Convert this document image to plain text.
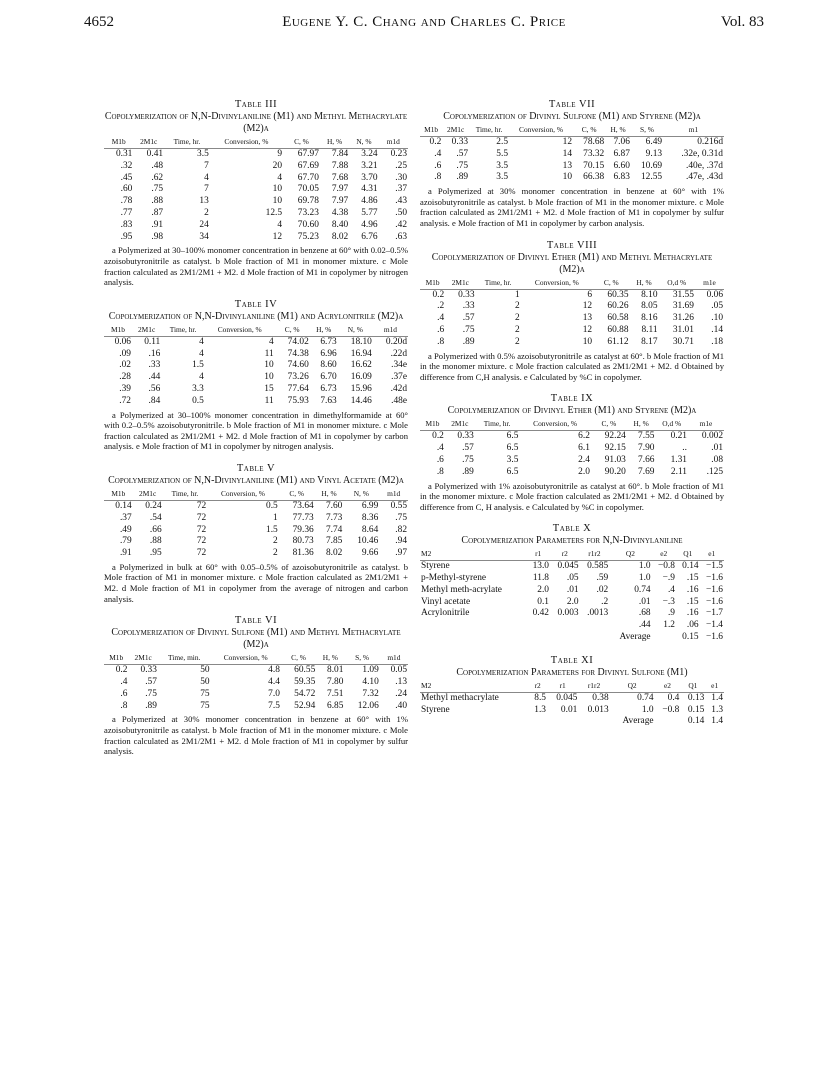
4652	Eugene Y. C. Chang and Charles C. Price	Vol. 83
Table III
Copolymerization of N,N-Divinylaniline (M1) and Methyl Methacrylate (M2)a
M1b	2M1c	Time, hr.	Conversion, %	C, %	H, %	N, %	m1d
0.31	0.41	3.5	9	67.97	7.84	3.24	0.23
.32	.48	7	20	67.69	7.88	3.21	.25
.45	.62	4	4	67.70	7.68	3.70	.30
.60	.75	7	10	70.05	7.97	4.31	.37
.78	.88	13	10	69.78	7.97	4.86	.43
.77	.87	2	12.5	73.23	4.38	5.77	.50
.83	.91	24	4	70.60	8.40	4.96	.42
.95	.98	34	12	75.23	8.02	6.76	.63

a Polymerized at 30–100% monomer concentration in benzene at 60° with 0.02–0.5% azoisobutyronitrile as catalyst. b Mole fraction of M1 in monomer mixture. c Mole fraction calculated as 2M1/2M1 + M2. d Mole fraction of M1 in copolymer by nitrogen analysis.

Table IV
Copolymerization of N,N-Divinylaniline (M1) and Acrylonitrile (M2)a
M1b	2M1c	Time, hr.	Conversion, %	C, %	H, %	N, %	m1d
0.06	0.11	4	4	74.02	6.73	18.10	0.20d
.09	.16	4	11	74.38	6.96	16.94	.22d
.02	.33	1.5	10	74.60	8.60	16.62	.34e
.28	.44	4	10	73.26	6.70	16.09	.37e
.39	.56	3.3	15	77.64	6.73	15.96	.42d
.72	.84	0.5	11	75.93	7.63	14.46	.48e

a Polymerized at 30–100% monomer concentration in dimethylformamide at 60° with 0.2–0.5% azoisobutyronitrile. b Mole fraction of M1 in monomer mixture. c Mole fraction calculated as 2M1/2M1 + M2. d Mole fraction of M1 in copolymer by carbon analysis. e Mole fraction of M1 in copolymer by nitrogen analysis.

Table V
Copolymerization of N,N-Divinylaniline (M1) and Vinyl Acetate (M2)a
M1b	2M1c	Time, hr.	Conversion, %	C, %	H, %	N, %	m1d
0.14	0.24	72	0.5	73.64	7.60	6.99	0.55
.37	.54	72	1	77.73	7.73	8.36	.75
.49	.66	72	1.5	79.36	7.74	8.64	.82
.79	.88	72	2	80.73	7.85	10.46	.94
.91	.95	72	2	81.36	8.02	9.66	.97

a Polymerized in bulk at 60° with 0.05–0.5% of azoisobutyronitrile as catalyst. b Mole fraction of M1 in monomer mixture. c Mole fraction calculated as 2M1/2M1 + M2. d Mole fraction of M1 in copolymer from the average of nitrogen and carbon analysis.

Table VI
Copolymerization of Divinyl Sulfone (M1) and Methyl Methacrylate (M2)a
M1b	2M1c	Time, min.	Conversion, %	C, %	H, %	S, %	m1d
0.2	0.33	50	4.8	60.55	8.01	1.09	0.05
.4	.57	50	4.4	59.35	7.80	4.10	.13
.6	.75	75	7.0	54.72	7.51	7.32	.24
.8	.89	75	7.5	52.94	6.85	12.06	.40

a Polymerized at 30% monomer concentration in benzene at 60° with 1% azoisobutyronitrile as catalyst. b Mole fraction of M1 in the monomer mixture. c Mole fraction calculated as 2M1/2M1 + M2. d Mole fraction of M1 in copolymer by sulfur analysis.

Table VII
Copolymerization of Divinyl Sulfone (M1) and Styrene (M2)a
M1b	2M1c	Time, hr.	Conversion, %	C, %	H, %	S, %	m1
0.2	0.33	2.5	12	78.68	7.06	6.49	0.216d
.4	.57	5.5	14	73.32	6.87	9.13	.32e, 0.31d
.6	.75	3.5	13	70.15	6.60	10.69	.40e, .37d
.8	.89	3.5	10	66.38	6.83	12.55	.47e, .43d

a Polymerized at 30% monomer concentration in benzene at 60° with 1% azoisobutyronitrile as catalyst. b Mole fraction of M1 in the monomer mixture. c Mole fraction calculated as 2M1/2M1 + M2. d Mole fraction of M1 in copolymer by sulfur analysis. e Mole fraction of M1 in copolymer by carbon analysis.

Table VIII
Copolymerization of Divinyl Ether (M1) and Methyl Methacrylate (M2)a
M1b	2M1c	Time, hr.	Conversion, %	C, %	H, %	O,d %	m1e
0.2	0.33	1	6	60.35	8.10	31.55	0.06
.2	.33	2	12	60.26	8.05	31.69	.05
.4	.57	2	13	60.58	8.16	31.26	.10
.6	.75	2	12	60.88	8.11	31.01	.14
.8	.89	2	10	61.12	8.17	30.71	.18

a Polymerized with 0.5% azoisobutyronitrile as catalyst at 60°. b Mole fraction of M1 in the monomer mixture. c Mole fraction calculated as 2M1/2M1 + M2. d Obtained by difference from C,H analysis. e Calculated by %C in copolymer.

Table IX
Copolymerization of Divinyl Ether (M1) and Styrene (M2)a
M1b	2M1c	Time, hr.	Conversion, %	C, %	H, %	O,d %	m1e
0.2	0.33	6.5	6.2	92.24	7.55	0.21	0.002
.4	.57	6.5	6.1	92.15	7.90	..	.01
.6	.75	3.5	2.4	91.03	7.66	1.31	.08
.8	.89	6.5	2.0	90.20	7.69	2.11	.125

a Polymerized with 1% azoisobutyronitrile as catalyst at 60°. b Mole fraction of M1 in the monomer mixture. c Mole fraction calculated as 2M1/2M1 + M2. d Obtained by difference from C, H analysis. e Calculated by %C in copolymer.

Table X
Copolymerization Parameters for N,N-Divinylaniline
M2	r1	r2	r1r2	Q2	e2	Q1	e1
Styrene	13.0	0.045	0.585	1.0	−0.8	0.14	−1.5
p-Methyl-styrene	11.8	.05	.59	1.0	−.9	.15	−1.6
Methyl meth-acrylate	2.0	.01	.02	0.74	.4	.16	−1.6
Vinyl acetate	0.1	2.0	.2	.01	−.3	.15	−1.6
Acrylonitrile	0.42	0.003	.0013	.68	.9	.16	−1.7
				.44	1.2	.06	−1.4
				Average		0.15	−1.6
Table XI
Copolymerization Parameters for Divinyl Sulfone (M1)
M2	r2	r1	r1r2	Q2	e2	Q1	e1
Methyl methacrylate	8.5	0.045	0.38	0.74	0.4	0.13	1.4
Styrene	1.3	0.01	0.013	1.0	−0.8	0.15	1.3
				Average		0.14	1.4
